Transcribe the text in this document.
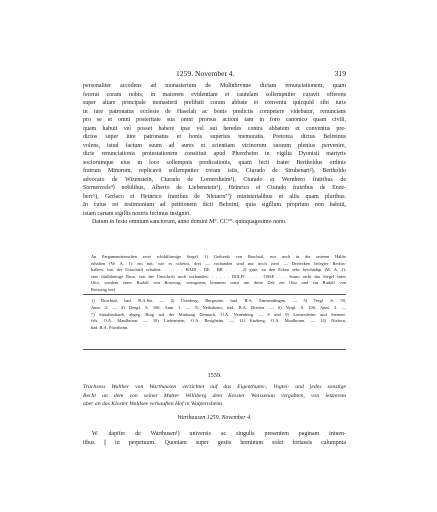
1259. November 4.	319
personaliter accedens ad monasterium de Mulinbrvnne dictam renunciationem, quam
fecerat coram nobis, in maiorem evidentiam et cautelam sollempniter curavit offerens
super altare principale monasterii prelibati coram abbate et conventu quicquid sibi iuris
in iure patronatus ecclesie de Haselah ac bonis predictis competere videbatur, renuncians
pro se et omni posteritate sua omni prorsus actioni tam in foro canonico quam civili,
quam habuit vel posset habere ipse vel sui heredes contra abbatem et conventus pre-
dictos super iure patronatus et bonis superius memoratis. Pretorea dictus Belreinus
volens, istud factum suum ad aures et scientiam vicinorum suorum plenius pervenire,
dicte renunciationis protestationem constituit apud Phorzheim in vigilia Dyonisii martyris
sociorumque eius in loco sollempnis predicationis, quam fecit frater Bertholdus ordinis
fratrum Minorum, replicavit sollempniter coram istis, Cturado de Strubenart²), Bertholdo
advocato de Wizenstein, Cturado de Lomersheim³), Cturado et Wernhero fratribus de
Sternenvels⁴) nobilibus, Alberto de Liebenstein⁵), Heinrico et Cturado fratribus de Enze-
berc⁶), Gerlaco et Heinrico fratribus de Nieuern⁷⁾) ministerialibus et aliis quam pluribus.
In cuius rei testimonium ad petitionem dicti Belreini, quia sigillum proprium non habuit,
istam cartam sigillis nostris fecimus insigniri.
Datum in festo omnium sanctorum, anno domini M°. CC°°. quinquagesimo nono.
An Pergamentriemchen zwei schildförmige Siegel: 1) Gerhards von Bruchsal, nur noch in der unteren Hälfte
erhalten (W. A. 1): ein mit, wie es scheint, drei — vorhanden sind nur noch zwei — Dreiecken belegter Rechts-
balken, von der Umschrift erhalten: . . . . . HADI . DE . BR . . . . 2) grün, an den Ecken sehr beschädigt (W. A. 1):
eine fünfblättrige Rose, von der Umschrift noch vorhanden: . . . . . DOLFI . . . . OSSE . . . Somit nicht das Siegel eines
Otto, sondern eines Rudolf von Rosswag; wenigstens kommen sonst um diese Zeit ein Otto und ein Rudolf von
Rosswag vor).
1) Bruchsal, bad. B.A.Stz. — 2) Usenberg, Burgruine, bad. B.A. Emmendingen. — 3) Vergl. S. 59,
Anm. 2. — 4) Dengl. S. 106, Anm. 1. — 5) Neibsheim, bad. B.A. Bretten. — 6) Vergl. S. 106, Anm. 2. —
7) Straubenhardt, abgeg. Burg auf der Markung Dennach, O.A. Neuenbürg. — 8 und 9) Lomersheim und Sternen-
fels, O.A. Maulbronn. — 10) Liebenstein, O.A. Besigheim. — 11) Enzberg, O.A. Maulbronn. — 12) Nieforn,
bad. B.A. Pforzheim.
1559.
Truchsess Walther von Warthausen verzichtet auf das Eigenthums-, Vogtei- und jedes sonstige
Recht an dem von seiner Mutter Williberg dem Kloster Weissenau vergabten, von letzterem
aber an das Kloster Waldsee verkauften Hof in Walpertsheim.
Warthausen 1259. November 4.
W. dapifer de Warthusen¹) universis ac singulis presentem paginam intuen-
tibus || in perpetuum. Quoniam super gestis hominum solet fortassis calumpnia
